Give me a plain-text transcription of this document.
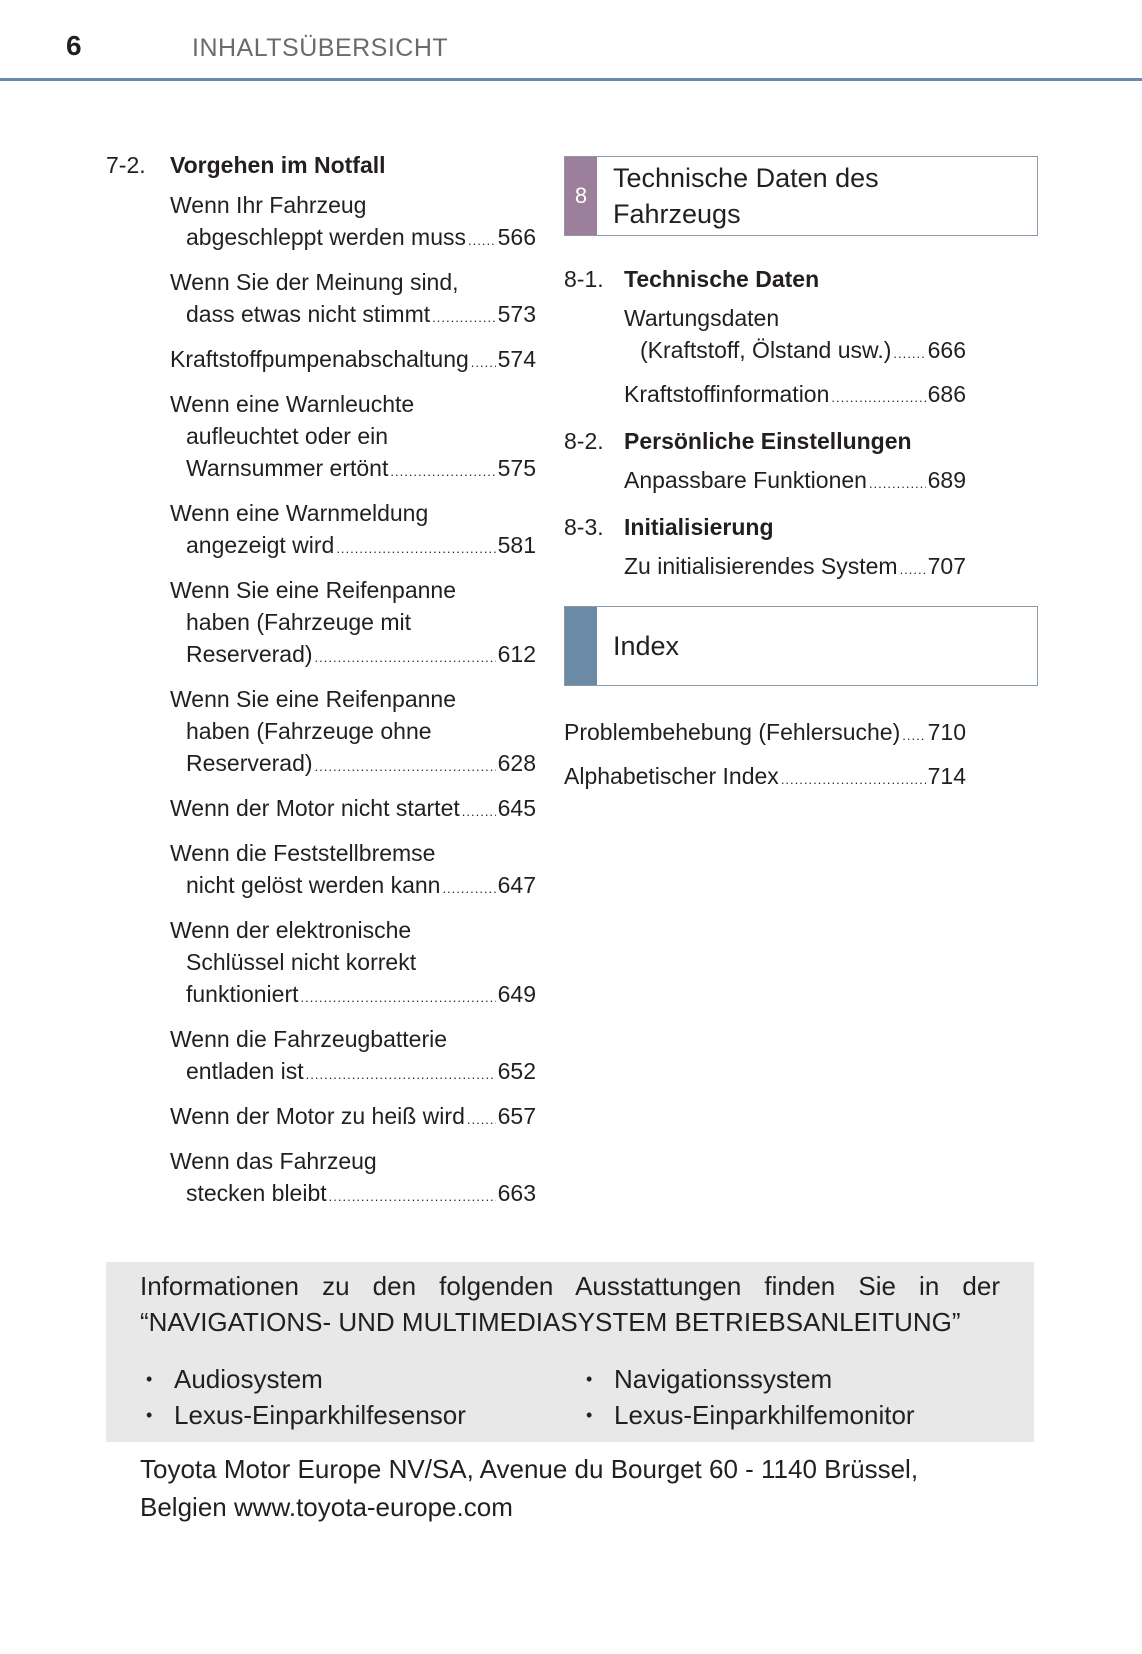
6	INHALTSÜBERSICHT
7-2.	Vorgehen im Notfall
Wenn Ihr Fahrzeug
abgeschleppt werden muss ..... 566
Wenn Sie der Meinung sind,
dass etwas nicht stimmt .....	573
Kraftstoffpumpenabschaltung ..... 574
Wenn eine Warnleuchte
aufleuchtet oder ein
Warnsummer ertönt .....	575
Wenn eine Warnmeldung
angezeigt wird .....	581
Wenn Sie eine Reifenpanne
haben (Fahrzeuge mit
Reserverad) .....	612
Wenn Sie eine Reifenpanne
haben (Fahrzeuge ohne
Reserverad) .....	628
Wenn der Motor nicht startet ..... 645
Wenn die Feststellbremse
nicht gelöst werden kann ..... 647
Wenn der elektronische
Schlüssel nicht korrekt
funktioniert .....	649
Wenn die Fahrzeugbatterie
entladen ist .....	652
Wenn der Motor zu heiß wird ..... 657
Wenn das Fahrzeug
stecken bleibt .....	663
8
Technische Daten des
Fahrzeugs
8-1. Technische Daten
Wartungsdaten
(Kraftstoff, Ölstand usw.) ..... 666
Kraftstoffinformation .....	686
8-2. Persönliche Einstellungen
Anpassbare Funktionen .....	689
8-3. Initialisierung
Zu initialisierendes System ..... 707
Index
Problembehebung (Fehlersuche) ..... 710
Alphabetischer Index .....	714
Informationen zu den folgenden Ausstattungen finden Sie in der
“NAVIGATIONS- UND MULTIMEDIASYSTEM BETRIEBSANLEITUNG”
• Audiosystem	• Navigationssystem
• Lexus-Einparkhilfesensor	• Lexus-Einparkhilfemonitor
Toyota Motor Europe NV/SA, Avenue du Bourget 60 - 1140 Brüssel,
Belgien www.toyota-europe.com
